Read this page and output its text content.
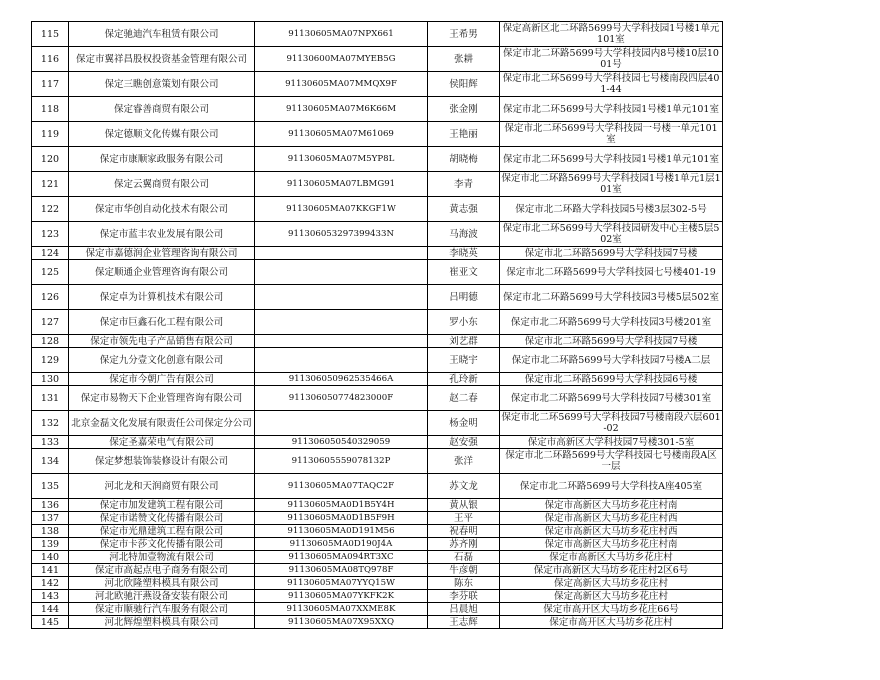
115	保定驰迪汽车租赁有限公司	91130605MA07NPX661	王希男	保定高新区北二环路5699号大学科技园1号楼1单元101室
116	保定市翼祥昌股权投资基金管理有限公司	91130600MA07MYEB5G	张耕	保定市北二环路5699号大学科技园内8号楼10层1001号
117	保定三瞧创意策划有限公司	91130605MA07MMQX9F	侯阳辉	保定市北二环5699号大学科技园七号楼南段四层401-44
118	保定睿善商贸有限公司	91130605MA07M6K66M	张金刚	保定市北二环5699号大学科技园1号楼1单元101室
119	保定德顺文化传媒有限公司	91130605MA07M61069	王艳丽	保定市北二环5699号大学科技园一号楼一单元101室
120	保定市康顺家政服务有限公司	91130605MA07M5YP8L	胡晓梅	保定市北二环5699号大学科技园1号楼1单元101室
121	保定云翼商贸有限公司	91130605MA07LBMG91	李青	保定市北二环路5699号大学科技园1号楼1单元1层101室
122	保定市华创自动化技术有限公司	91130605MA07KKGF1W	黄志强	保定市北二环路大学科技园5号楼3层302-5号
123	保定市蓝丰农业发展有限公司	911306053297399433N	马海波	保定市北二环5699号大学科技园研发中心主楼5层502室
124	保定市嘉德润企业管理咨询有限公司		李晓英	保定市北二环路5699号大学科技园7号楼
125	保定顺通企业管理咨询有限公司		崔亚文	保定市北二环路5699号大学科技园七号楼401-19
126	保定卓为计算机技术有限公司		吕明德	保定市北二环路5699号大学科技园3号楼5层502室
127	保定市巨鑫石化工程有限公司		罗小东	保定市北二环路5699号大学科技园3号楼201室
128	保定市领先电子产品销售有限公司		刘艺群	保定市北二环路5699号大学科技园7号楼
129	保定九分壹文化创意有限公司		王晓宇	保定市北二环路5699号大学科技园7号楼A二层
130	保定市今朝广告有限公司	911306050962535466A	孔玲新	保定市北二环路5699号大学科技园6号楼
131	保定市易物天下企业管理咨询有限公司	911306050774823000F	赵二春	保定市北二环路5699号大学科技园7号楼301室
132	北京金磊文化发展有限责任公司保定分公司		杨金明	保定市北二环5699号大学科技园7号楼南段六层601-02
133	保定圣嘉荣电气有限公司	911306050540329059	赵安强	保定市高新区大学科技园7号楼301-5室
134	保定梦想装饰装修设计有限公司	91130605559078132P	张洋	保定市北二环路5699号大学科技园七号楼南段A区一层
135	河北龙和天润商贸有限公司	91130605MA07TAQC2F	苏文龙	保定市北二环路5699号大学科技A座405室
136	保定市加发建筑工程有限公司	91130605MA0D1B5Y4H	黄从银	保定市高新区大马坊乡花庄村南
137	保定市诺赞文化传播有限公司	91130605MA0D1B5F9H	王平	保定市高新区大马坊乡花庄村西
138	保定市光鼎建筑工程有限公司	91130605MA0D191M56	祝春明	保定市高新区大马坊乡花庄村西
139	保定市卡莎文化传播有限公司	91130605MA0D190J4A	苏齐刚	保定市高新区大马坊乡花庄村南
140	河北特加壹物流有限公司	91130605MA094RT3XC	石磊	保定市高新区大马坊乡花庄村
141	保定市高起点电子商务有限公司	91130605MA08TQ978F	牛彦朝	保定市高新区大马坊乡花庄村2区6号
142	河北欣隆塑料模具有限公司	91130605MA07YYQ15W	陈东	保定高新区大马坊乡花庄村
143	河北欧驰汗燕设备安装有限公司	91130605MA07YKFK2K	李芬联	保定高新区大马坊乡花庄村
144	保定市顺驰行汽车服务有限公司	91130605MA07XXME8K	吕晨旭	保定市高开区大马坊乡花庄66号
145	河北辉煌塑料模具有限公司	91130605MA07X95XXQ	王志辉	保定市高开区大马坊乡花庄村
